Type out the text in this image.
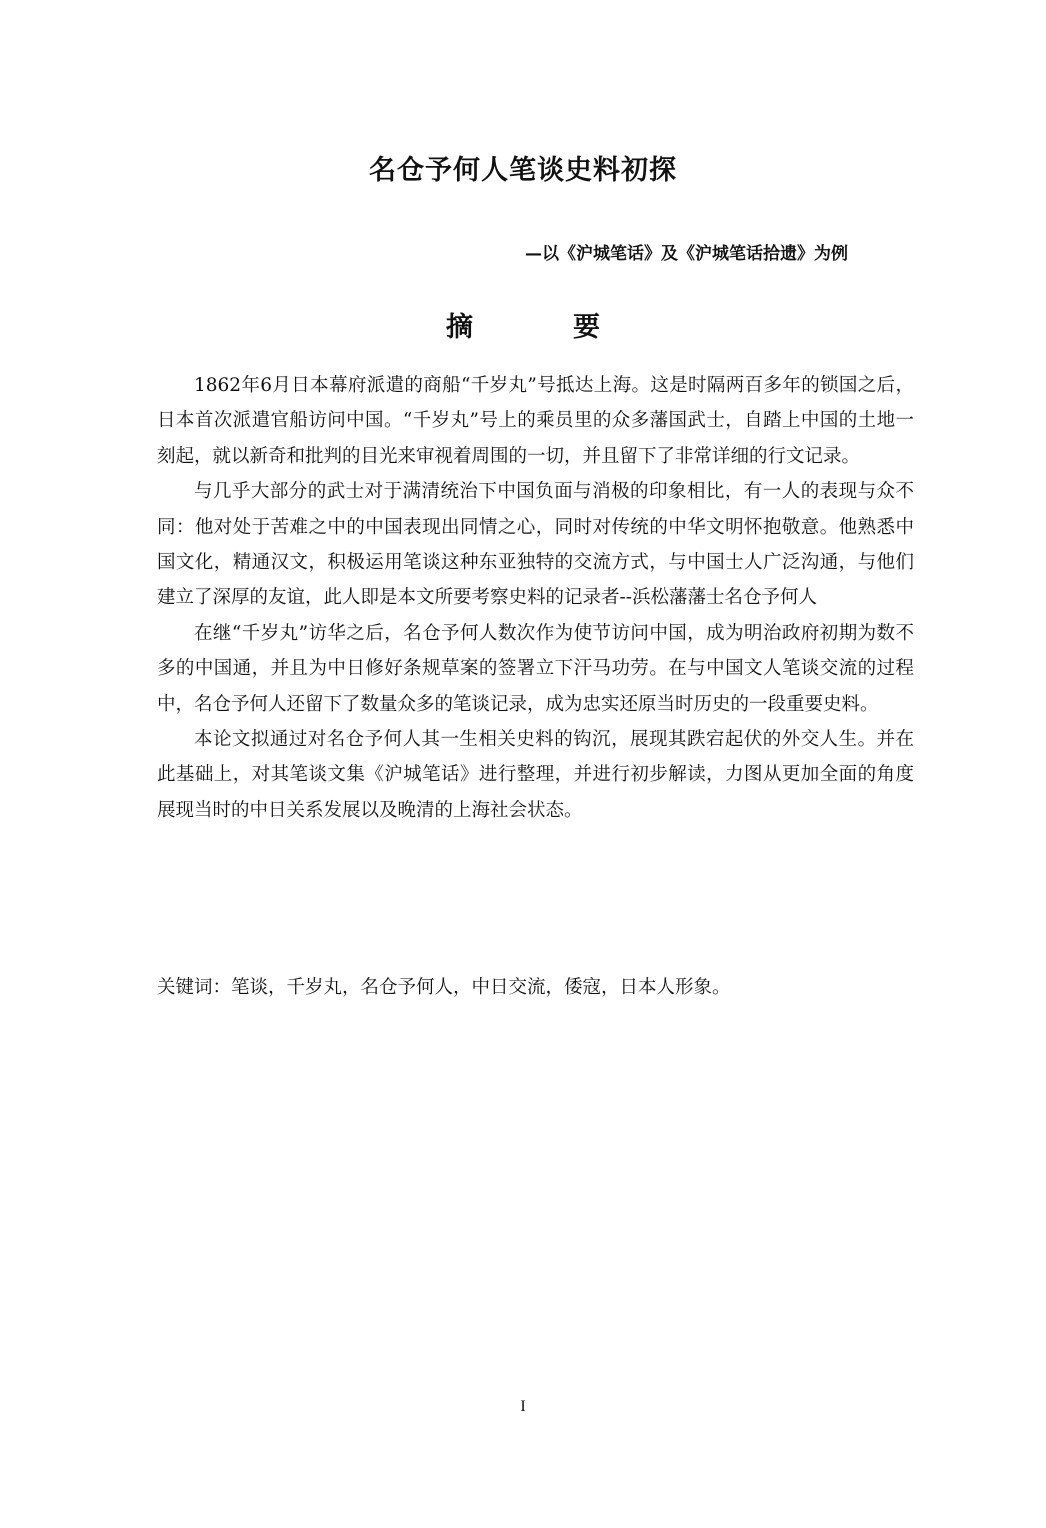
名仓予何人笔谈史料初探
—以《沪城笔话》及《沪城笔话拾遗》为例
摘要

1862年6月日本幕府派遣的商船“千岁丸”号抵达上海。这是时隔两百多年的锁国之后，日本首次派遣官船访问中国。“千岁丸”号上的乘员里的众多藩国武士，自踏上中国的土地一刻起，就以新奇和批判的目光来审视着周围的一切，并且留下了非常详细的行文记录。

与几乎大部分的武士对于满清统治下中国负面与消极的印象相比，有一人的表现与众不同：他对处于苦难之中的中国表现出同情之心，同时对传统的中华文明怀抱敬意。他熟悉中国文化，精通汉文，积极运用笔谈这种东亚独特的交流方式，与中国士人广泛沟通，与他们建立了深厚的友谊，此人即是本文所要考察史料的记录者--浜松藩藩士名仓予何人

在继“千岁丸”访华之后，名仓予何人数次作为使节访问中国，成为明治政府初期为数不多的中国通，并且为中日修好条规草案的签署立下汗马功劳。在与中国文人笔谈交流的过程中，名仓予何人还留下了数量众多的笔谈记录，成为忠实还原当时历史的一段重要史料。

本论文拟通过对名仓予何人其一生相关史料的钩沉，展现其跌宕起伏的外交人生。并在此基础上，对其笔谈文集《沪城笔话》进行整理，并进行初步解读，力图从更加全面的角度展现当时的中日关系发展以及晚清的上海社会状态。

关键词：笔谈，千岁丸，名仓予何人，中日交流，倭寇，日本人形象。

I
